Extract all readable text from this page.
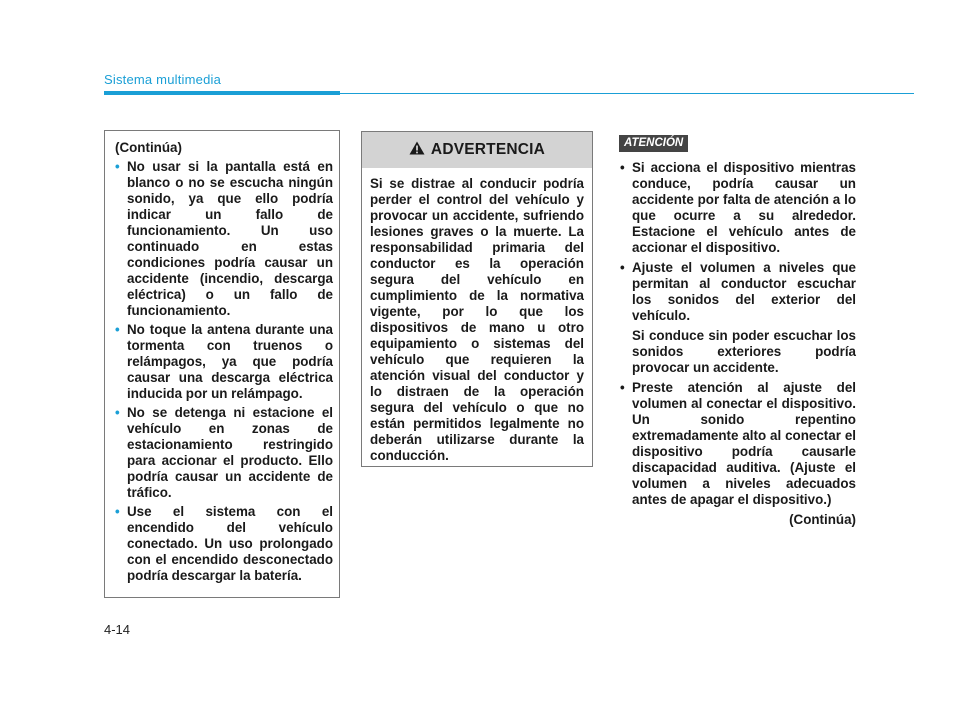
Sistema multimedia
(Continúa)
• No usar si la pantalla está en blanco o no se escucha ningún sonido, ya que ello podría indicar un fallo de funcionamiento. Un uso continuado en estas condiciones podría causar un accidente (incendio, descarga eléctrica) o un fallo de funcionamiento.
• No toque la antena durante una tormenta con truenos o relámpagos, ya que podría causar una descarga eléctrica inducida por un relámpago.
• No se detenga ni estacione el vehículo en zonas de estacionamiento restringido para accionar el producto. Ello podría causar un accidente de tráfico.
• Use el sistema con el encendido del vehículo conectado. Un uso prolongado con el encendido desconectado podría descargar la batería.
ADVERTENCIA
Si se distrae al conducir podría perder el control del vehículo y provocar un accidente, sufriendo lesiones graves o la muerte. La responsabilidad primaria del conductor es la operación segura del vehículo en cumplimiento de la normativa vigente, por lo que los dispositivos de mano u otro equipamiento o sistemas del vehículo que requieren la atención visual del conductor y lo distraen de la operación segura del vehículo o que no están permitidos legalmente no deberán utilizarse durante la conducción.
ATENCIÓN
• Si acciona el dispositivo mientras conduce, podría causar un accidente por falta de atención a lo que ocurre a su alrededor. Estacione el vehículo antes de accionar el dispositivo.
• Ajuste el volumen a niveles que permitan al conductor escuchar los sonidos del exterior del vehículo.
Si conduce sin poder escuchar los sonidos exteriores podría provocar un accidente.
• Preste atención al ajuste del volumen al conectar el dispositivo. Un sonido repentino extremadamente alto al conectar el dispositivo podría causarle discapacidad auditiva. (Ajuste el volumen a niveles adecuados antes de apagar el dispositivo.)
(Continúa)
4-14
